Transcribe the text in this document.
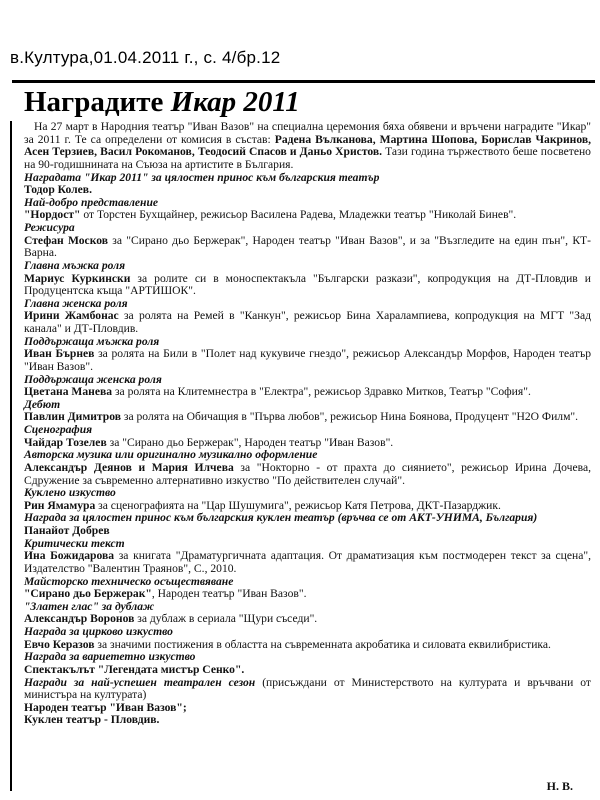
в.Култура,01.04.2011 г., с. 4/бр.12
Наградите Икар 2011

На 27 март в Народния театър "Иван Вазов" на специална церемония бяха обявени и връчени наградите "Икар" за 2011 г. Те са определени от комисия в състав: Радена Вълканова, Мартина Шопова, Борислав Чакринов, Асен Терзиев, Васил Рокоманов, Теодосий Спасов и Даньо Христов. Тази година тържеството беше посветено на 90-годишнината на Съюза на артистите в България.

Наградата "Икар 2011" за цялостен принос към българския театър

Тодор Колев.

Най-добро представление

"Нордост" от Торстен Бухщайнер, режисьор Василена Радева, Младежки театър "Николай Бинев".

Режисура

Стефан Москов за "Сирано дьо Бержерак", Народен театър "Иван Вазов", и за "Възгледите на един пън", КТ-Варна.

Главна мъжка роля

Мариус Куркински за ролите си в моноспектакъла "Български разкази", копродукция на ДТ-Пловдив и Продуцентска къща "АРТИШОК".

Главна женска роля

Ирини Жамбонас за ролята на Ремей в "Канкун", режисьор Бина Харалампиева, копродукция на МГТ "Зад канала" и ДТ-Пловдив.

Поддържаща мъжка роля

Иван Бърнев за ролята на Били в "Полет над кукувиче гнездо", режисьор Александър Морфов, Народен театър "Иван Вазов".

Поддържаща женска роля

Цветана Манева за ролята на Клитемнестра в "Електра", режисьор Здравко Митков, Театър "София".

Дебют

Павлин Димитров за ролята на Обичащия в "Първа любов", режисьор Нина Боянова, Продуцент "Н2О Филм".

Сценография

Чайдар Тозелев за "Сирано дьо Бержерак", Народен театър "Иван Вазов".

Авторска музика или оригинално музикално оформление

Александър Деянов и Мария Илчева за "Нокторно - от прахта до сиянието", режисьор Ирина Дочева, Сдружение за съвременно алтернативно изкуство "По действителен случай".

Куклено изкуство

Рин Ямамура за сценографията на "Цар Шушумига", режисьор Катя Петрова, ДКТ-Пазарджик.

Награда за цялостен принос към българския куклен театър (връчва се от АКТ-УНИМА, България)

Панайот Добрев

Критически текст

Ина Божидарова за книгата "Драматургичната адаптация. От драматизация към постмодерен текст за сцена", Издателство "Валентин Траянов", С., 2010.

Майсторско техническо осъществяване

"Сирано дьо Бержерак", Народен театър "Иван Вазов".

"Златен глас" за дублаж

Александър Воронов за дублаж в сериала "Щури съседи".

Награда за цирково изкуство

Евчо Керазов за значими постижения в областта на съвременната акробатика и силовата еквилибристика.

Награда за вариететно изкуство

Спектакълът "Легендата мистър Сенко".

Награди за най-успешен театрален сезон (присъждани от Министерството на културата и връчвани от министъра на културата)

Народен театър "Иван Вазов";

Куклен театър - Пловдив.

Н. В.
